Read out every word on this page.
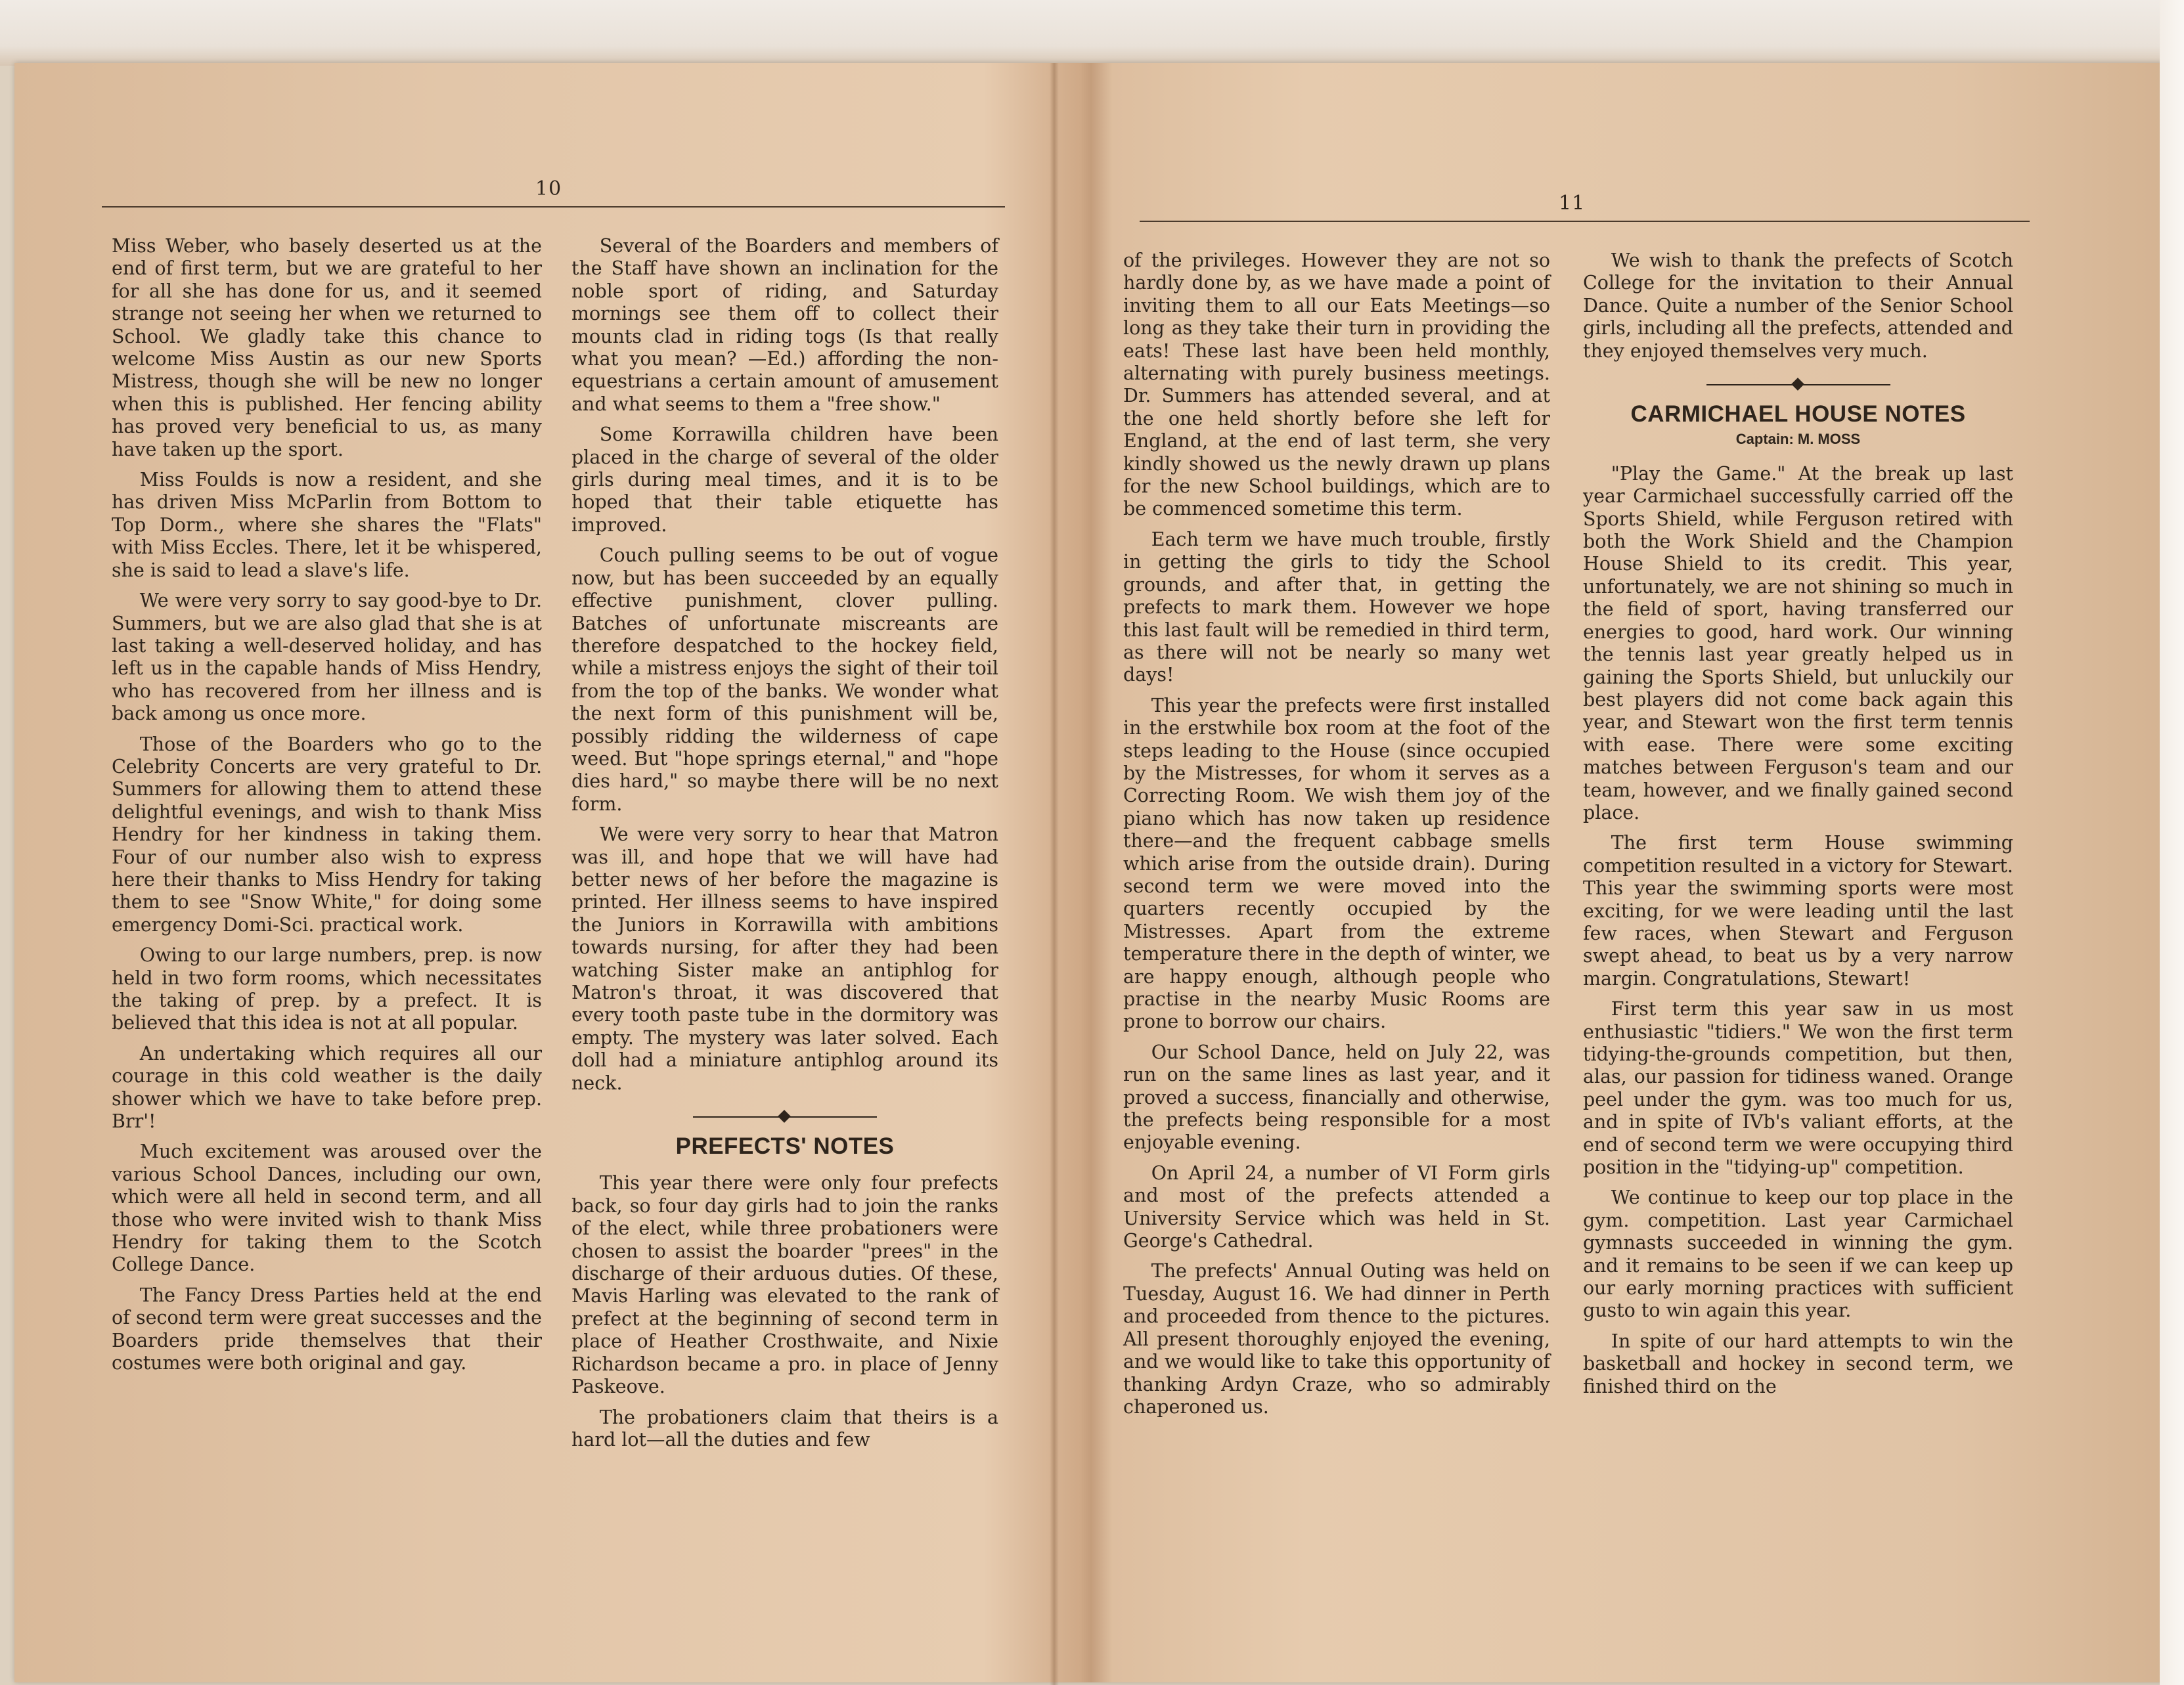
10

Miss Weber, who basely deserted us at the end of first term, but we are grateful to her for all she has done for us, and it seemed strange not seeing her when we returned to School. We gladly take this chance to welcome Miss Austin as our new Sports Mistress, though she will be new no longer when this is published. Her fencing ability has proved very beneficial to us, as many have taken up the sport.

Miss Foulds is now a resident, and she has driven Miss McParlin from Bottom to Top Dorm., where she shares the "Flats" with Miss Eccles. There, let it be whispered, she is said to lead a slave's life.

We were very sorry to say good-bye to Dr. Summers, but we are also glad that she is at last taking a well-deserved holiday, and has left us in the capable hands of Miss Hendry, who has recovered from her illness and is back among us once more.

Those of the Boarders who go to the Celebrity Concerts are very grateful to Dr. Summers for allowing them to attend these delightful evenings, and wish to thank Miss Hendry for her kindness in taking them. Four of our number also wish to express here their thanks to Miss Hendry for taking them to see "Snow White," for doing some emergency Domi-Sci. practical work.

Owing to our large numbers, prep. is now held in two form rooms, which necessitates the taking of prep. by a prefect. It is believed that this idea is not at all popular.

An undertaking which requires all our courage in this cold weather is the daily shower which we have to take before prep. Brr'!

Much excitement was aroused over the various School Dances, including our own, which were all held in second term, and all those who were invited wish to thank Miss Hendry for taking them to the Scotch College Dance.

The Fancy Dress Parties held at the end of second term were great successes and the Boarders pride themselves that their costumes were both original and gay.

Several of the Boarders and members of the Staff have shown an inclination for the noble sport of riding, and Saturday mornings see them off to collect their mounts clad in riding togs (Is that really what you mean? —Ed.) affording the non-equestrians a certain amount of amusement and what seems to them a "free show."

Some Korrawilla children have been placed in the charge of several of the older girls during meal times, and it is to be hoped that their table etiquette has improved.

Couch pulling seems to be out of vogue now, but has been succeeded by an equally effective punishment, clover pulling. Batches of unfortunate miscreants are therefore despatched to the hockey field, while a mistress enjoys the sight of their toil from the top of the banks. We wonder what the next form of this punishment will be, possibly ridding the wilderness of cape weed. But "hope springs eternal," and "hope dies hard," so maybe there will be no next form.

We were very sorry to hear that Matron was ill, and hope that we will have had better news of her before the magazine is printed. Her illness seems to have inspired the Juniors in Korrawilla with ambitions towards nursing, for after they had been watching Sister make an antiphlog for Matron's throat, it was discovered that every tooth paste tube in the dormitory was empty. The mystery was later solved. Each doll had a miniature antiphlog around its neck.

PREFECTS' NOTES

This year there were only four prefects back, so four day girls had to join the ranks of the elect, while three probationers were chosen to assist the boarder "prees" in the discharge of their arduous duties. Of these, Mavis Harling was elevated to the rank of prefect at the beginning of second term in place of Heather Crosthwaite, and Nixie Richardson became a pro. in place of Jenny Paskeove.

The probationers claim that theirs is a hard lot—all the duties and few

11

of the privileges. However they are not so hardly done by, as we have made a point of inviting them to all our Eats Meetings—so long as they take their turn in providing the eats! These last have been held monthly, alternating with purely business meetings. Dr. Summers has attended several, and at the one held shortly before she left for England, at the end of last term, she very kindly showed us the newly drawn up plans for the new School buildings, which are to be commenced sometime this term.

Each term we have much trouble, firstly in getting the girls to tidy the School grounds, and after that, in getting the prefects to mark them. However we hope this last fault will be remedied in third term, as there will not be nearly so many wet days!

This year the prefects were first installed in the erstwhile box room at the foot of the steps leading to the House (since occupied by the Mistresses, for whom it serves as a Correcting Room. We wish them joy of the piano which has now taken up residence there—and the frequent cabbage smells which arise from the outside drain). During second term we were moved into the quarters recently occupied by the Mistresses. Apart from the extreme temperature there in the depth of winter, we are happy enough, although people who practise in the nearby Music Rooms are prone to borrow our chairs.

Our School Dance, held on July 22, was run on the same lines as last year, and it proved a success, financially and otherwise, the prefects being responsible for a most enjoyable evening.

On April 24, a number of VI Form girls and most of the prefects attended a University Service which was held in St. George's Cathedral.

The prefects' Annual Outing was held on Tuesday, August 16. We had dinner in Perth and proceeded from thence to the pictures. All present thoroughly enjoyed the evening, and we would like to take this opportunity of thanking Ardyn Craze, who so admirably chaperoned us.

We wish to thank the prefects of Scotch College for the invitation to their Annual Dance. Quite a number of the Senior School girls, including all the prefects, attended and they enjoyed themselves very much.

CARMICHAEL HOUSE NOTES
Captain: M. MOSS

"Play the Game." At the break up last year Carmichael successfully carried off the Sports Shield, while Ferguson retired with both the Work Shield and the Champion House Shield to its credit. This year, unfortunately, we are not shining so much in the field of sport, having transferred our energies to good, hard work. Our winning the tennis last year greatly helped us in gaining the Sports Shield, but unluckily our best players did not come back again this year, and Stewart won the first term tennis with ease. There were some exciting matches between Ferguson's team and our team, however, and we finally gained second place.

The first term House swimming competition resulted in a victory for Stewart. This year the swimming sports were most exciting, for we were leading until the last few races, when Stewart and Ferguson swept ahead, to beat us by a very narrow margin. Congratulations, Stewart!

First term this year saw in us most enthusiastic "tidiers." We won the first term tidying-the-grounds competition, but then, alas, our passion for tidiness waned. Orange peel under the gym. was too much for us, and in spite of IVb's valiant efforts, at the end of second term we were occupying third position in the "tidying-up" competition.

We continue to keep our top place in the gym. competition. Last year Carmichael gymnasts succeeded in winning the gym. and it remains to be seen if we can keep up our early morning practices with sufficient gusto to win again this year.

In spite of our hard attempts to win the basketball and hockey in second term, we finished third on the
